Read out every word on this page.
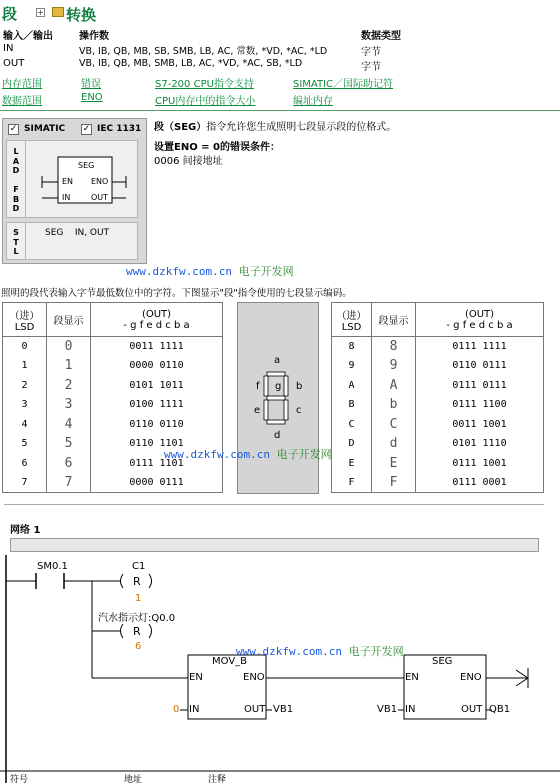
段	+ 转换
输入／输出	操作数	数据类型
IN	VB, IB, QB, MB, SB, SMB, LB, AC, 常数, *VD, *AC, *LD	字节
OUT	VB, IB, QB, MB, SMB, LB, AC, *VD, *AC, SB, *LD	字节
内存范围	错误	S7-200 CPU指令支持	SIMATIC／国际助记符
数据范围	ENO	CPU内存中的指令大小	编址内存
✓ SIMATIC ✓ IEC 1131
L
A
D

F
B
D
S
T
L
SEG
EN ENO
IN	OUT
SEG    IN, OUT
段（SEG）指令允许您生成照明七段显示段的位格式。
设置ENO = 0的错误条件：
0006 间接地址
www.dzkfw.com.cn 电子开发网
照明的段代表输入字节最低数位中的字符。下图显示"段"指令使用的七段显示编码。
（进）
LSD	段显示	(OUT)
- g f e d c b a
0	0	0011 1111
1	1	0000 0110
2	2	0101 1011
3	3	0100 1111
4	4	0110 0110
5	5	0110 1101
6	6	0111 1101
7	7	0000 0111
a
f g b
e	c
d
（进）
LSD	段显示	(OUT)
- g f e d c b a
8	8	0111 1111
9	9	0110 0111
A	A	0111 0111
B	b	0111 1100
C	C	0011 1001
D	d	0101 1110
E	E	0111 1001
F	F	0111 0001
www.dzkfw.com.cn 电子开发网
网络 1
SM0.1	C1
R
1
汽水指示灯:Q0.0
R
6	www.dzkfw.com.cn 电子开发网
MOV_B
EN	ENO
IN	OUT
0	VB1
SEG
EN	ENO
IN	OUT
VB1	QB1
符号	地址	注释
